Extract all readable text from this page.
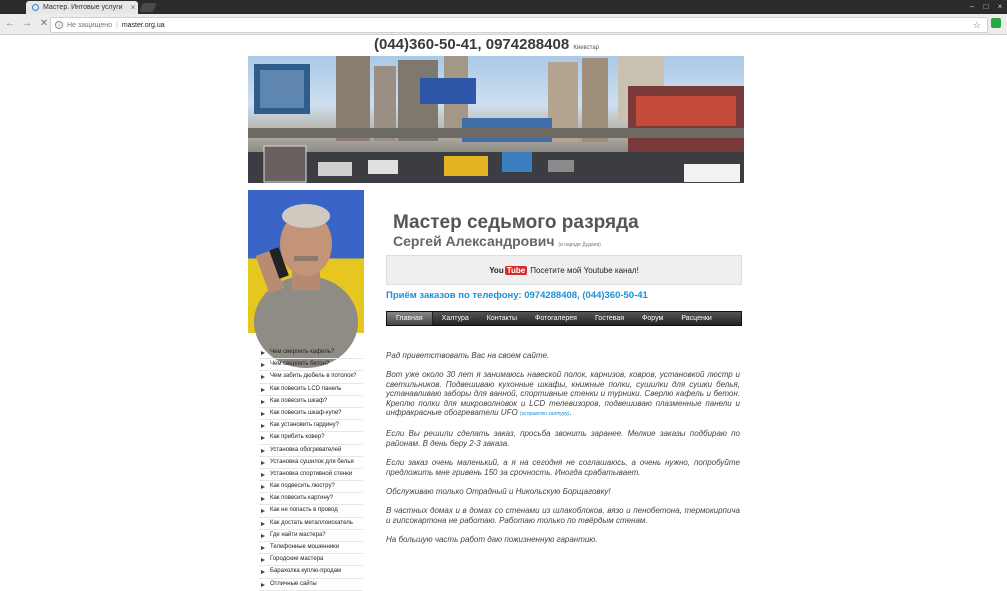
Мастер. Интовые услуги	×	–	□	×
← → ✕	i	Не защищено | master.org.ua	☆
(044)360-50-41, 0974288408 Киевстар
Мастер седьмого разряда
Сергей Александрович (в народе Дудаев)
You Tube Посетите мой Youtube канал!
Приём заказов по телефону: 0974288408, (044)360-50-41
Главная	Халтура	Контакты	Фотогалерея	Гостевая	Форум	Расценки
Чем сверлить кафель?
Чем сверлить бетон?
Чем забить дюбель в потолок?
Как повесить LCD панель
Как повесить шкаф?
Как повесить шкаф-купе?
Как установить гардину?
Как прибить ковер?
Установка обогревателей
Установка сушилок для белья
Установка спортивной стенки
Как подвесить люстру?
Как повесить картину?
Как не попасть в провод
Как достать металлоискатель
Где найти мастера?
Телефонные мошенники
Городские мастера
Барахолка куплю-продам
Отличные сайты

Рад приветствовать Вас на своем сайте.

Вот уже около 30 лет я занимаюсь навеской полок, карнизов, ковров, установкой люстр и светильников. Подвешиваю кухонные шкафы, книжные полки, сушилки для сушки белья, устанавливаю заборы для ванной, спортивные стенки и турники. Сверлю кафель и бетон. Крепл​ю полки для микроволновок и LCD телевизоров, подвешиваю плазменные панели и инфракрасные обогреватели UFO (исправляю халтуру).

Если Вы решили сделать заказ, просьба звонить заранее. Мелкие заказы подбираю по районам. В день беру 2-3 заказа.

Если заказ очень маленький, а я на сегодня не соглашаюсь, а очень нужно, попробуйте предложить мне гривень 150 за срочность. Иногда срабатывает.

Обслуживаю только Отрадный и Никольскую Борщаговку!

В частных домах и в домах со стенами из шлакоблоков, вязо и пенобетона, термокирпича и гипсокартона не работаю. Работаю только по твёрдым стенам.

На большую часть работ даю пожизненную гарантию.
